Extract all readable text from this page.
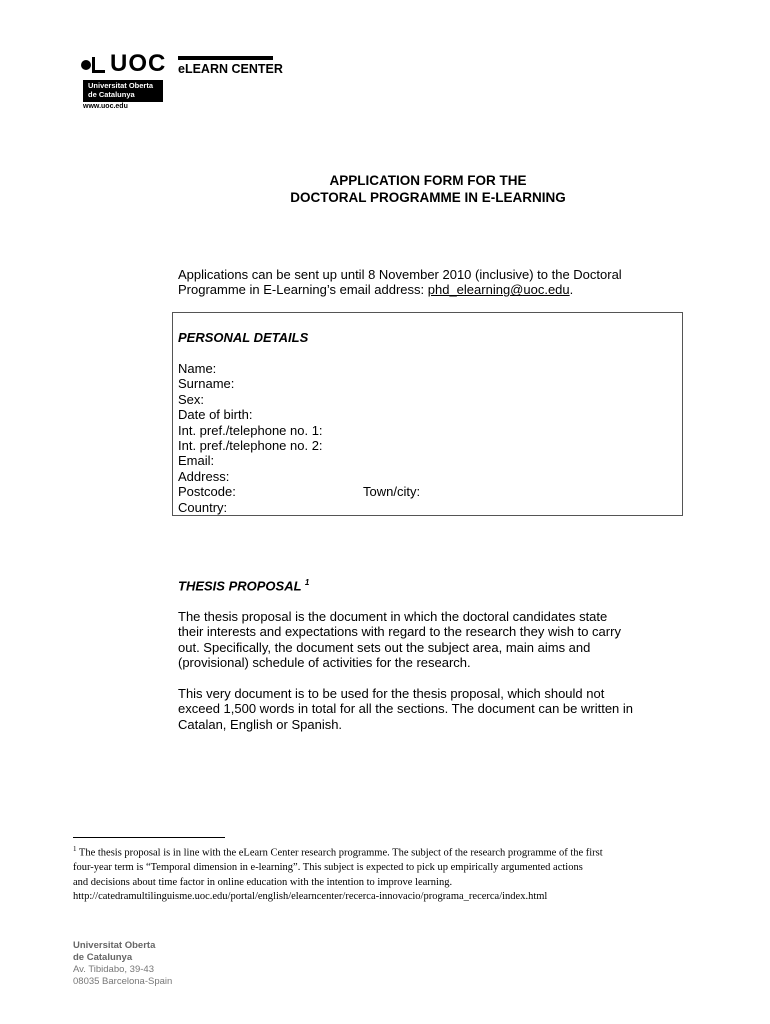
UOC
Universitat Oberta
de Catalunya
www.uoc.edu
eLEARN CENTER
APPLICATION FORM FOR THE
DOCTORAL PROGRAMME IN E-LEARNING
Applications can be sent up until 8 November 2010 (inclusive) to the Doctoral
Programme in E-Learning’s email address: phd_elearning@uoc.edu.
PERSONAL DETAILS
Name:
Surname:
Sex:
Date of birth:
Int. pref./telephone no. 1:
Int. pref./telephone no. 2:
Email:
Address:
Postcode:
Country:
Town/city:
THESIS PROPOSAL $^1$
The thesis proposal is the document in which the doctoral candidates state
their interests and expectations with regard to the research they wish to carry
out. Specifically, the document sets out the subject area, main aims and
(provisional) schedule of activities for the research.
This very document is to be used for the thesis proposal, which should not
exceed 1,500 words in total for all the sections. The document can be written in
Catalan, English or Spanish.
$^1$ The thesis proposal is in line with the eLearn Center research programme. The subject of the research programme of the first
four-year term is “Temporal dimension in e-learning”. This subject is expected to pick up empirically argumented actions
and decisions about time factor in online education with the intention to improve learning.
http://catedramultilinguisme.uoc.edu/portal/english/elearncenter/recerca-innovacio/programa_recerca/index.html
Universitat Oberta
de Catalunya
Av. Tibidabo, 39-43
08035 Barcelona-Spain
